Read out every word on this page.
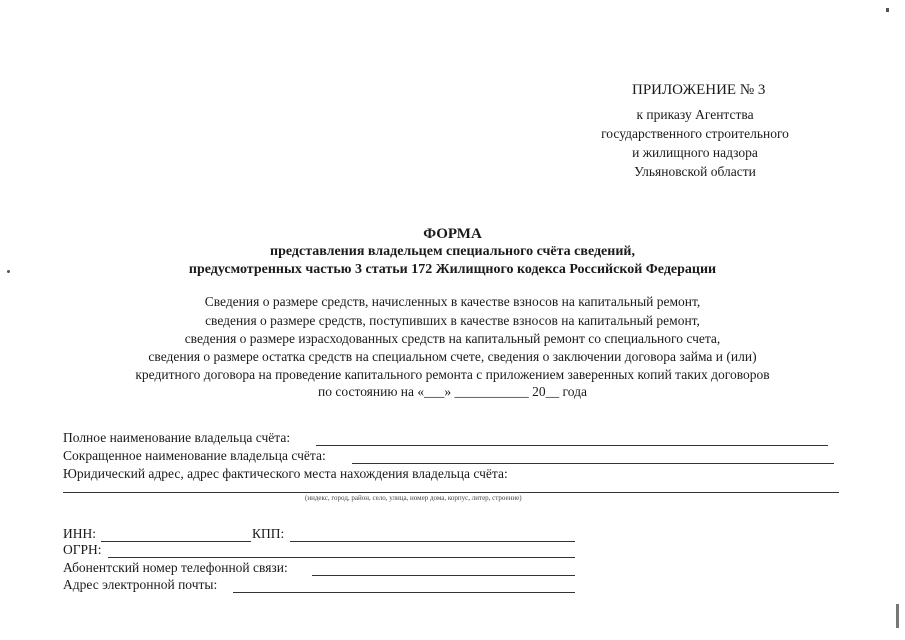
ПРИЛОЖЕНИЕ № 3
к приказу Агентства
государственного строительного
и жилищного надзора
Ульяновской области
ФОРМА
представления владельцем специального счёта сведений,
предусмотренных частью 3 статьи 172 Жилищного кодекса Российской Федерации
Сведения о размере средств, начисленных в качестве взносов на капитальный ремонт,
сведения о размере средств, поступивших в качестве взносов на капитальный ремонт,
сведения о размере израсходованных средств на капитальный ремонт со специального счета,
сведения о размере остатка средств на специальном счете, сведения о заключении договора займа и (или)
кредитного договора на проведение капитального ремонта с приложением заверенных копий таких договоров
по состоянию на «___» ___________ 20__ года
Полное наименование владельца счёта:
Сокращенное наименование владельца счёта:
Юридический адрес, адрес фактического места нахождения владельца счёта:
(индекс, город, район, село, улица, номер дома, корпус, литер, строение)
ИНН:	КПП:
ОГРН:
Абонентский номер телефонной связи:
Адрес электронной почты:
